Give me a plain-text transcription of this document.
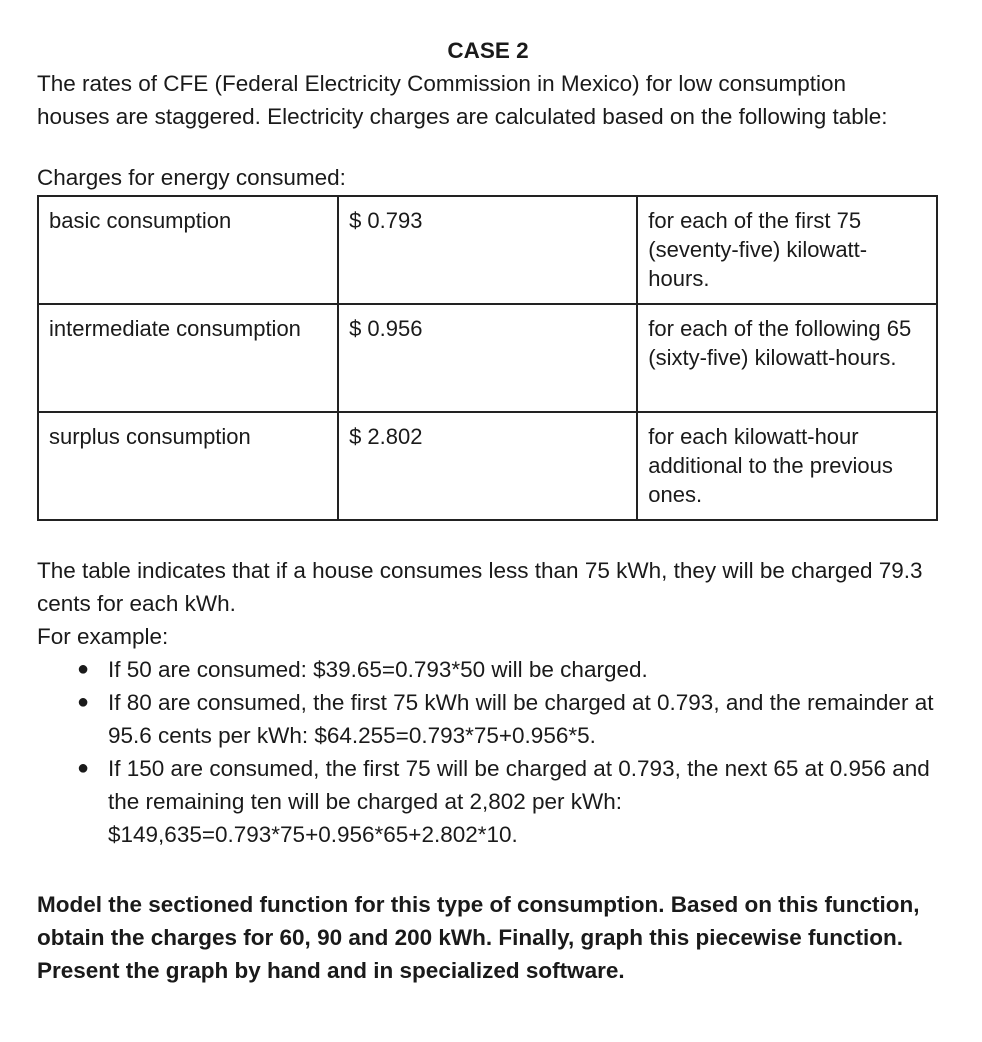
CASE 2

The rates of CFE (Federal Electricity Commission in Mexico) for low consumption houses are staggered. Electricity charges are calculated based on the following table:

Charges for energy consumed:

basic consumption	$ 0.793	for each of the first 75 (seventy-five) kilowatt-hours.
intermediate consumption	$ 0.956	for each of the following 65 (sixty-five) kilowatt-hours.
surplus consumption	$ 2.802	for each kilowatt-hour additional to the previous ones.

The table indicates that if a house consumes less than 75 kWh, they will be charged 79.3 cents for each kWh.

For example:

● If 50 are consumed: $39.65=0.793*50 will be charged.
● If 80 are consumed, the first 75 kWh will be charged at 0.793, and the remainder at 95.6 cents per kWh: $64.255=0.793*75+0.956*5.
● If 150 are consumed, the first 75 will be charged at 0.793, the next 65 at 0.956 and the remaining ten will be charged at 2,802 per kWh: $149,635=0.793*75+0.956*65+2.802*10.

Model the sectioned function for this type of consumption. Based on this function, obtain the charges for 60, 90 and 200 kWh. Finally, graph this piecewise function. Present the graph by hand and in specialized software.
